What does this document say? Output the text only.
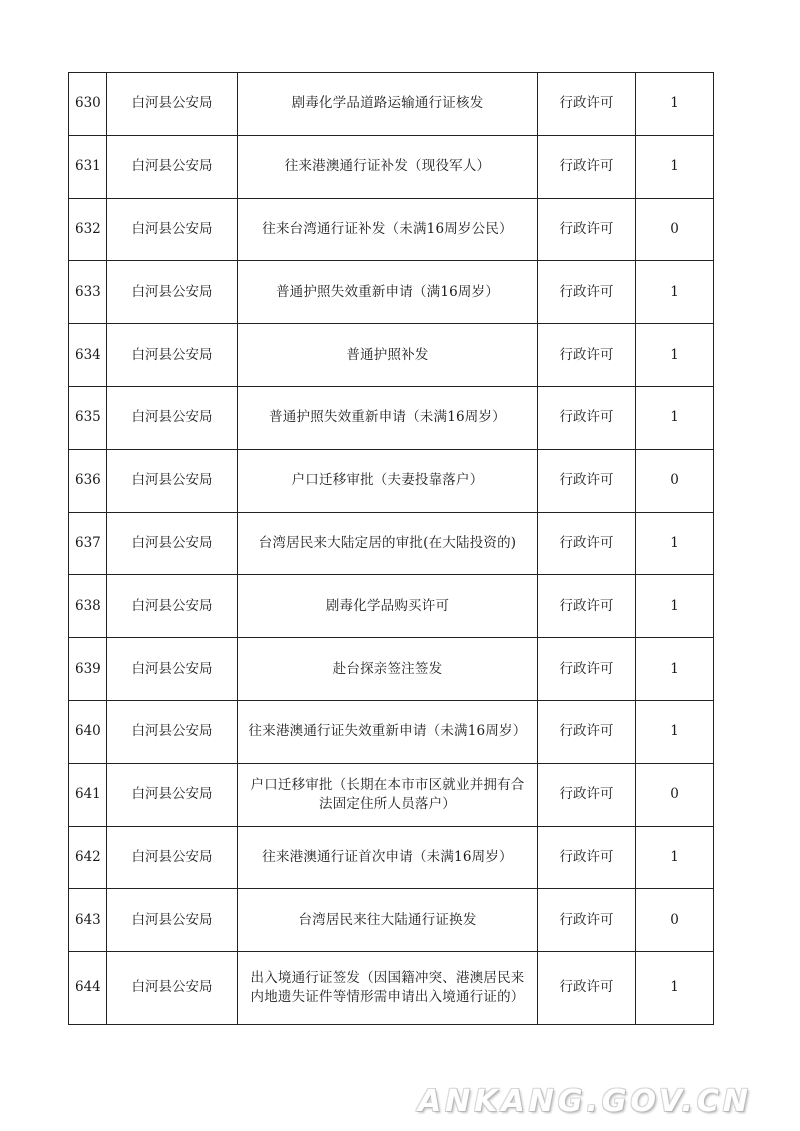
630	白河县公安局	剧毒化学品道路运输通行证核发	行政许可	1
631	白河县公安局	往来港澳通行证补发（现役军人）	行政许可	1
632	白河县公安局	往来台湾通行证补发（未满16周岁公民）	行政许可	0
633	白河县公安局	普通护照失效重新申请（满16周岁）	行政许可	1
634	白河县公安局	普通护照补发	行政许可	1
635	白河县公安局	普通护照失效重新申请（未满16周岁）	行政许可	1
636	白河县公安局	户口迁移审批（夫妻投靠落户）	行政许可	0
637	白河县公安局	台湾居民来大陆定居的审批(在大陆投资的)	行政许可	1
638	白河县公安局	剧毒化学品购买许可	行政许可	1
639	白河县公安局	赴台探亲签注签发	行政许可	1
640	白河县公安局	往来港澳通行证失效重新申请（未满16周岁）	行政许可	1
641	白河县公安局	户口迁移审批（长期在本市市区就业并拥有合法固定住所人员落户）	行政许可	0
642	白河县公安局	往来港澳通行证首次申请（未满16周岁）	行政许可	1
643	白河县公安局	台湾居民来往大陆通行证换发	行政许可	0
644	白河县公安局	出入境通行证签发（因国籍冲突、港澳居民来内地遗失证件等情形需申请出入境通行证的）	行政许可	1
ANKANG.GOV.CN
